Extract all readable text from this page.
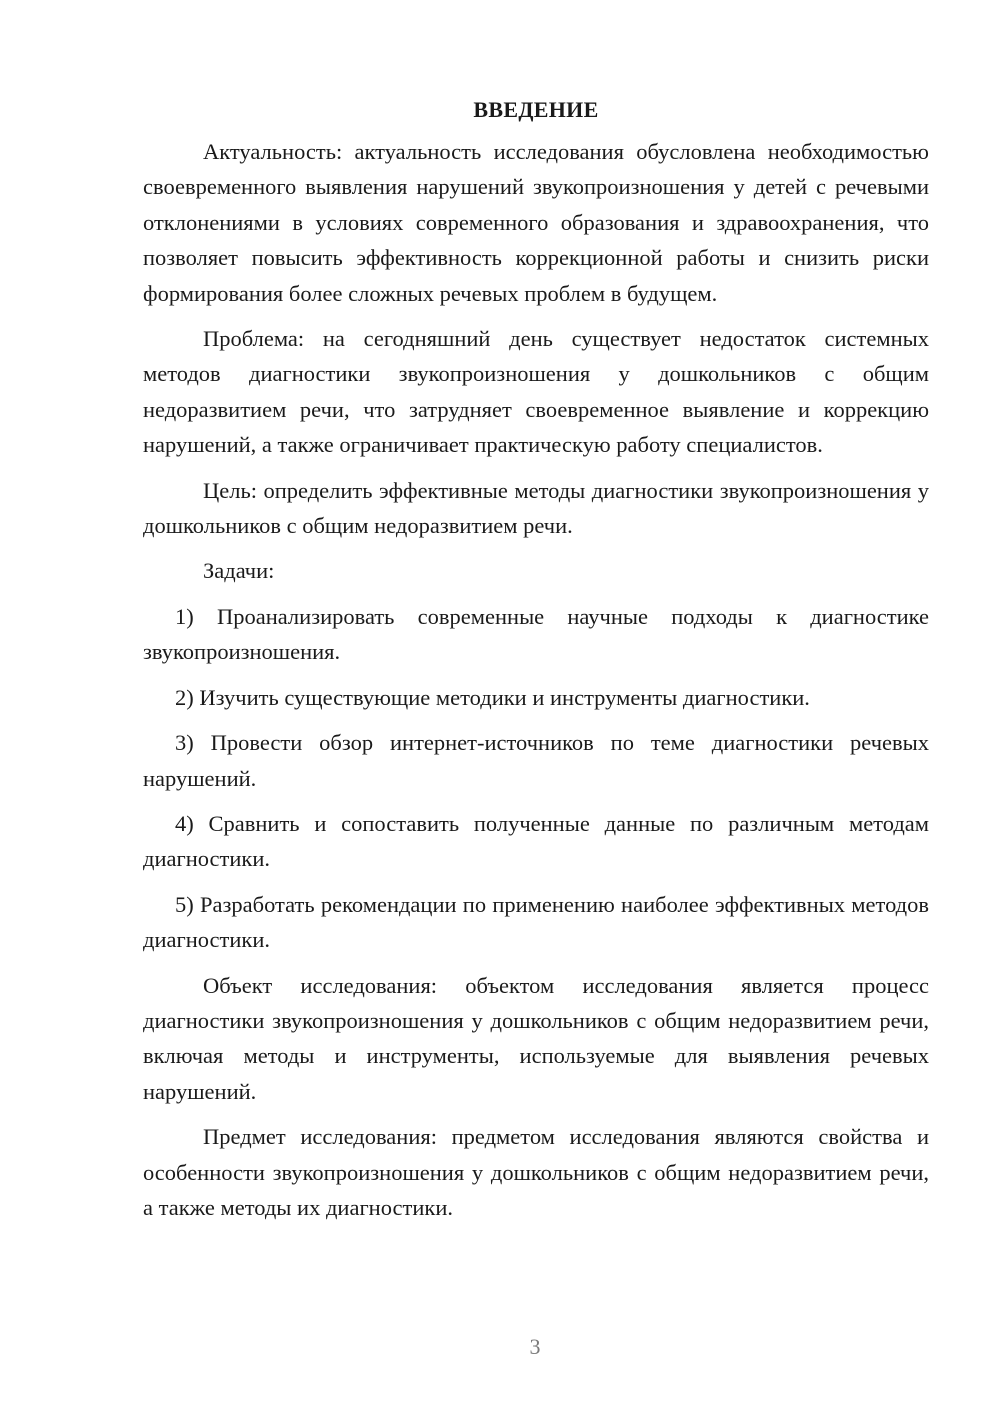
ВВЕДЕНИЕ

Актуальность: актуальность исследования обусловлена необходимостью своевременного выявления нарушений звукопроизношения у детей с речевыми отклонениями в условиях современного образования и здравоохранения, что позволяет повысить эффективность коррекционной работы и снизить риски формирования более сложных речевых проблем в будущем.

Проблема: на сегодняшний день существует недостаток системных методов диагностики звукопроизношения у дошкольников с общим недоразвитием речи, что затрудняет своевременное выявление и коррекцию нарушений, а также ограничивает практическую работу специалистов.

Цель: определить эффективные методы диагностики звукопроизношения у дошкольников с общим недоразвитием речи.

Задачи:

1) Проанализировать современные научные подходы к диагностике звукопроизношения.

2) Изучить существующие методики и инструменты диагностики.

3) Провести обзор интернет-источников по теме диагностики речевых нарушений.

4) Сравнить и сопоставить полученные данные по различным методам диагностики.

5) Разработать рекомендации по применению наиболее эффективных методов диагностики.

Объект исследования: объектом исследования является процесс диагностики звукопроизношения у дошкольников с общим недоразвитием речи, включая методы и инструменты, используемые для выявления речевых нарушений.

Предмет исследования: предметом исследования являются свойства и особенности звукопроизношения у дошкольников с общим недоразвитием речи, а также методы их диагностики.

3
